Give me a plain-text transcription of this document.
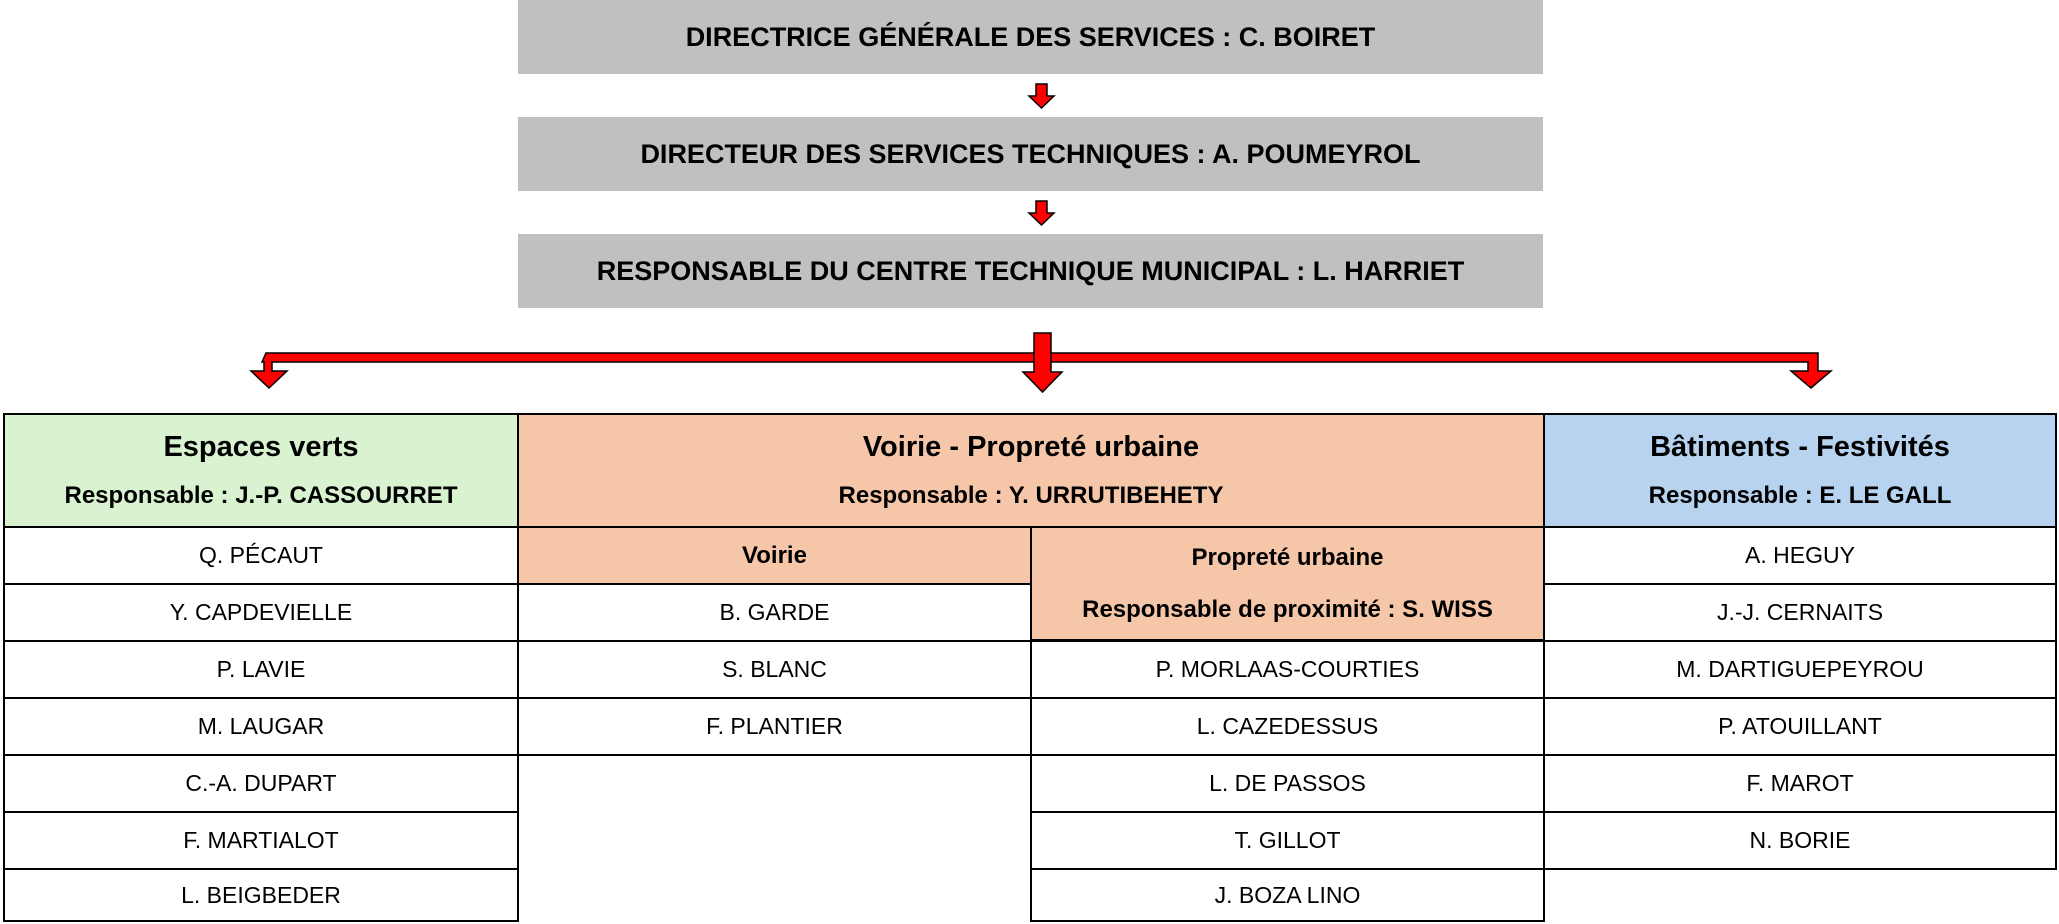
DIRECTRICE GÉNÉRALE DES SERVICES : C. BOIRET
DIRECTEUR DES SERVICES TECHNIQUES : A. POUMEYROL
RESPONSABLE DU CENTRE TECHNIQUE MUNICIPAL : L. HARRIET
Espaces verts
Responsable : J.-P. CASSOURRET
Voirie - Propreté urbaine
Responsable : Y. URRUTIBEHETY
Bâtiments - Festivités
Responsable : E. LE GALL
Voirie	Propreté urbaine
Responsable de proximité : S. WISS
Q. PÉCAUT
Y. CAPDEVIELLE
P. LAVIE
M. LAUGAR
C.-A. DUPART
F. MARTIALOT
L. BEIGBEDER
B. GARDE
S. BLANC
F. PLANTIER
P. MORLAAS-COURTIES
L. CAZEDESSUS
L. DE PASSOS
T. GILLOT
J. BOZA LINO
A. HEGUY
J.-J. CERNAITS
M. DARTIGUEPEYROU
P. ATOUILLANT
F. MAROT
N. BORIE
